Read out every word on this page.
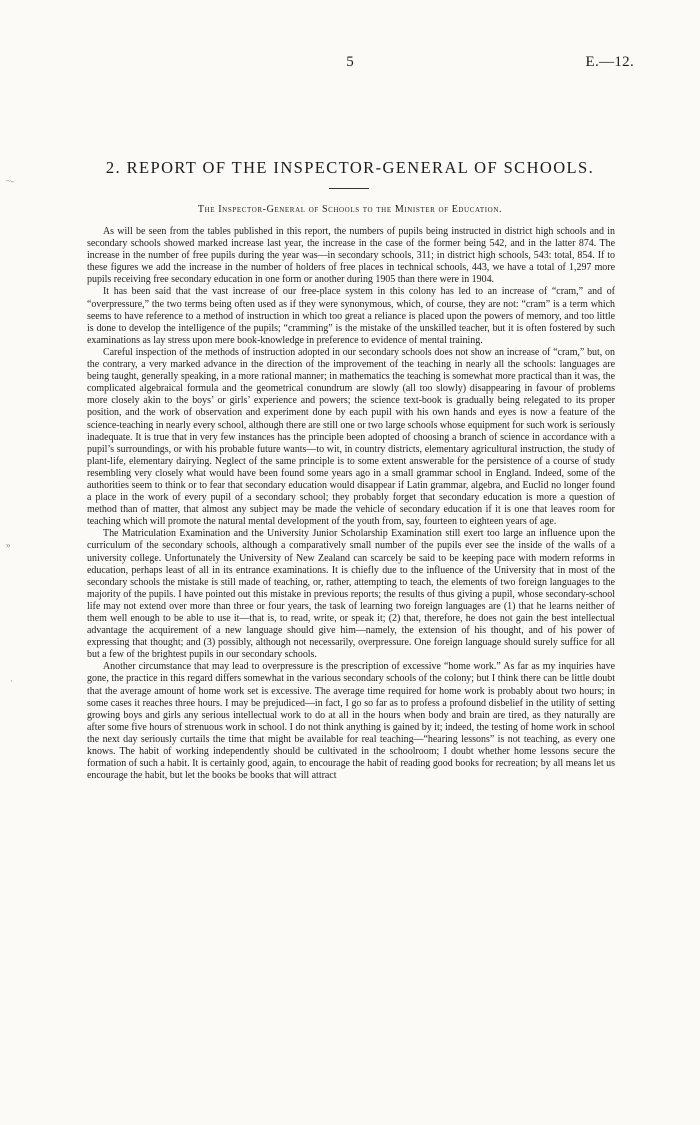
5	E.—12.
2. REPORT OF THE INSPECTOR-GENERAL OF SCHOOLS.
The Inspector-General of Schools to the Minister of Education.

As will be seen from the tables published in this report, the numbers of pupils being instructed in district high schools and in secondary schools showed marked increase last year, the increase in the case of the former being 542, and in the latter 874. The increase in the number of free pupils during the year was—in secondary schools, 311; in district high schools, 543: total, 854. If to these figures we add the increase in the number of holders of free places in technical schools, 443, we have a total of 1,297 more pupils receiving free secondary education in one form or another during 1905 than there were in 1904.

It has been said that the vast increase of our free-place system in this colony has led to an increase of “cram,” and of “overpressure,” the two terms being often used as if they were synonymous, which, of course, they are not: “cram” is a term which seems to have reference to a method of instruction in which too great a reliance is placed upon the powers of memory, and too little is done to develop the intelligence of the pupils; “cramming” is the mistake of the unskilled teacher, but it is often fostered by such examinations as lay stress upon mere book-knowledge in preference to evidence of mental training.

Careful inspection of the methods of instruction adopted in our secondary schools does not show an increase of “cram,” but, on the contrary, a very marked advance in the direction of the improvement of the teaching in nearly all the schools: languages are being taught, generally speaking, in a more rational manner; in mathematics the teaching is somewhat more practical than it was, the complicated algebraical formula and the geometrical conundrum are slowly (all too slowly) disappearing in favour of problems more closely akin to the boys’ or girls’ experience and powers; the science text-book is gradually being relegated to its proper position, and the work of observation and experiment done by each pupil with his own hands and eyes is now a feature of the science-teaching in nearly every school, although there are still one or two large schools whose equipment for such work is seriously inadequate. It is true that in very few instances has the principle been adopted of choosing a branch of science in accordance with a pupil’s surroundings, or with his probable future wants—to wit, in country districts, elementary agricultural instruction, the study of plant-life, elementary dairying. Neglect of the same principle is to some extent answerable for the persistence of a course of study resembling very closely what would have been found some years ago in a small grammar school in England. Indeed, some of the authorities seem to think or to fear that secondary education would disappear if Latin grammar, algebra, and Euclid no longer found a place in the work of every pupil of a secondary school; they probably forget that secondary education is more a question of method than of matter, that almost any subject may be made the vehicle of secondary education if it is one that leaves room for teaching which will promote the natural mental development of the youth from, say, fourteen to eighteen years of age.

The Matriculation Examination and the University Junior Scholarship Examination still exert too large an influence upon the curriculum of the secondary schools, although a comparatively small number of the pupils ever see the inside of the walls of a university college. Unfortunately the University of New Zealand can scarcely be said to be keeping pace with modern reforms in education, perhaps least of all in its entrance examinations. It is chiefly due to the influence of the University that in most of the secondary schools the mistake is still made of teaching, or, rather, attempting to teach, the elements of two foreign languages to the majority of the pupils. I have pointed out this mistake in previous reports; the results of thus giving a pupil, whose secondary-school life may not extend over more than three or four years, the task of learning two foreign languages are (1) that he learns neither of them well enough to be able to use it—that is, to read, write, or speak it; (2) that, therefore, he does not gain the best intellectual advantage the acquirement of a new language should give him—namely, the extension of his thought, and of his power of expressing that thought; and (3) possibly, although not necessarily, overpressure. One foreign language should surely suffice for all but a few of the brightest pupils in our secondary schools.

Another circumstance that may lead to overpressure is the prescription of excessive “home work.” As far as my inquiries have gone, the practice in this regard differs somewhat in the various secondary schools of the colony; but I think there can be little doubt that the average amount of home work set is excessive. The average time required for home work is probably about two hours; in some cases it reaches three hours. I may be prejudiced—in fact, I go so far as to profess a profound disbelief in the utility of setting growing boys and girls any serious intellectual work to do at all in the hours when body and brain are tired, as they naturally are after some five hours of strenuous work in school. I do not think anything is gained by it; indeed, the testing of home work in school the next day seriously curtails the time that might be available for real teaching—“hearing lessons” is not teaching, as every one knows. The habit of working independently should be cultivated in the schoolroom; I doubt whether home lessons secure the formation of such a habit. It is certainly good, again, to encourage the habit of reading good books for recreation; by all means let us encourage the habit, but let the books be books that will attract

~-
»
·
